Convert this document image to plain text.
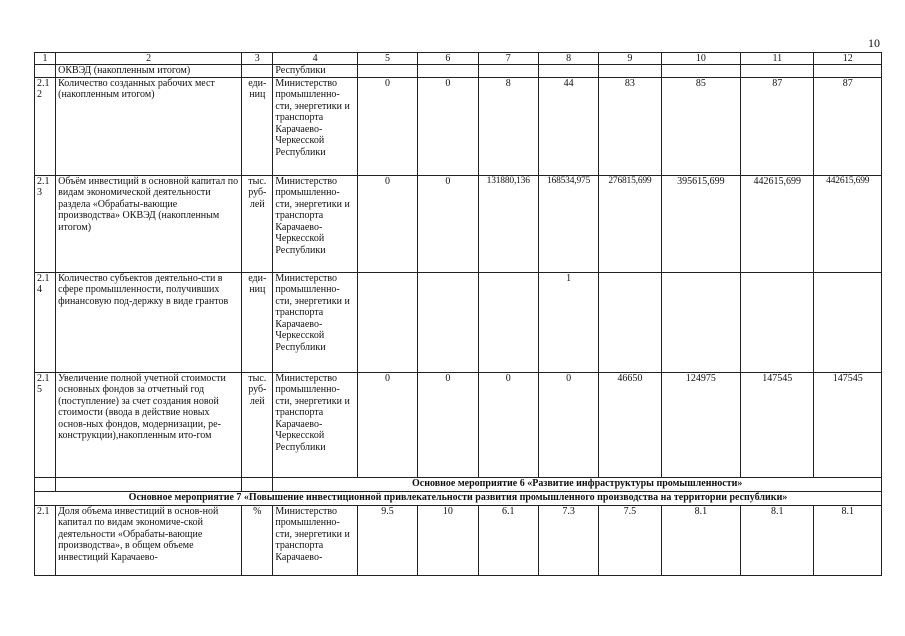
10
1	2	3	4	5	6	7	8	9	10	11	12
	ОКВЭД (накопленным итогом)		Республики								
2.12	Количество созданных рабочих мест (накопленным итогом)	еди-ниц	Министерство промышленно-сти, энергетики и транспорта Карачаево-Черкесской Республики	0	0	8	44	83	85	87	87
2.13	Объём инвестиций в основной капитал по видам экономической деятельности раздела «Обрабаты-вающие производства» ОКВЭД (накопленным итогом)	тыс. руб-лей	Министерство промышленно-сти, энергетики и транспорта Карачаево-Черкесской Республики	0	0	131880,136	168534,975	276815,699	395615,699	442615,699	442615,699
2.14	Количество субъектов деятельно-сти в сфере промышленности, получивших финансовую под-держку в виде грантов	еди-ниц	Министерство промышленно-сти, энергетики и транспорта Карачаево-Черкесской Республики				1				
2.15	Увеличение полной учетной стоимости основных фондов за отчетный год (поступление) за счет создания новой стоимости (ввода в действие новых основ-ных фондов, модернизации, ре-конструкции),накопленным ито-гом	тыс. руб-лей	Министерство промышленно-сти, энергетики и транспорта Карачаево-Черкесской Республики	0	0	0	0	46650	124975	147545	147545
			Основное мероприятие 6 «Развитие инфраструктуры промышленности»								
Основное мероприятие 7 «Повышение инвестиционной привлекательности развития промышленного производства на территории республики»											
2.1	Доля объема инвестиций в основ-ной капитал по видам экономиче-ской деятельности «Обрабаты-вающие производства», в общем объеме инвестиций Карачаево-	%	Министерство промышленно-сти, энергетики и транспорта Карачаево-	9.5	10	6.1	7.3	7.5	8.1	8.1	8.1
